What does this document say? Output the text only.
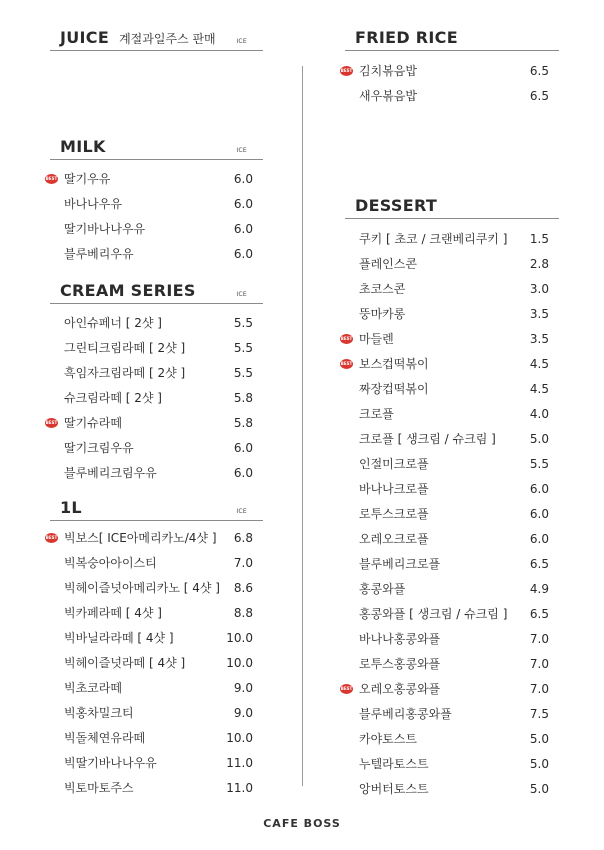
JUICE 계절과일주스 판매	ICE
MILK	ICE
BEST 딸기우유	6.0
바나나우유	6.0
딸기바나나우유	6.0
블루베리우유	6.0
CREAM SERIES	ICE
아인슈페너 [ 2샷 ]	5.5
그린티크림라떼 [ 2샷 ]	5.5
흑임자크림라떼 [ 2샷 ]	5.5
슈크림라떼 [ 2샷 ]	5.8
BEST 딸기슈라떼	5.8
딸기크림우유	6.0
블루베리크림우유	6.0
1L	ICE
BEST 빅보스[ ICE아메리카노/4샷 ] 6.8
빅복숭아아이스티	7.0
빅헤이즐넛아메리카노 [ 4샷 ] 8.6
빅카페라떼 [ 4샷 ]	8.8
빅바닐라라떼 [ 4샷 ]	10.0
빅헤이즐넛라떼 [ 4샷 ]	10.0
빅초코라떼	9.0
빅홍차밀크티	9.0
빅돌체연유라떼	10.0
빅딸기바나나우유	11.0
빅토마토주스	11.0
FRIED RICE
BEST 김치볶음밥	6.5
새우볶음밥	6.5
DESSERT
쿠키 [ 초코 / 크랜베리쿠키 ] 1.5
플레인스콘	2.8
초코스콘	3.0
뚱마카롱	3.5
BEST 마들렌	3.5
BEST 보스컵떡볶이	4.5
짜장컵떡볶이	4.5
크로플	4.0
크로플 [ 생크림 / 슈크림 ]	5.0
인절미크로플	5.5
바나나크로플	6.0
로투스크로플	6.0
오레오크로플	6.0
블루베리크로플	6.5
홍콩와플	4.9
홍콩와플 [ 생크림 / 슈크림 ] 6.5
바나나홍콩와플	7.0
로투스홍콩와플	7.0
BEST 오레오홍콩와플	7.0
블루베리홍콩와플	7.5
카야토스트	5.0
누텔라토스트	5.0
앙버터토스트	5.0
CAFE BOSS
